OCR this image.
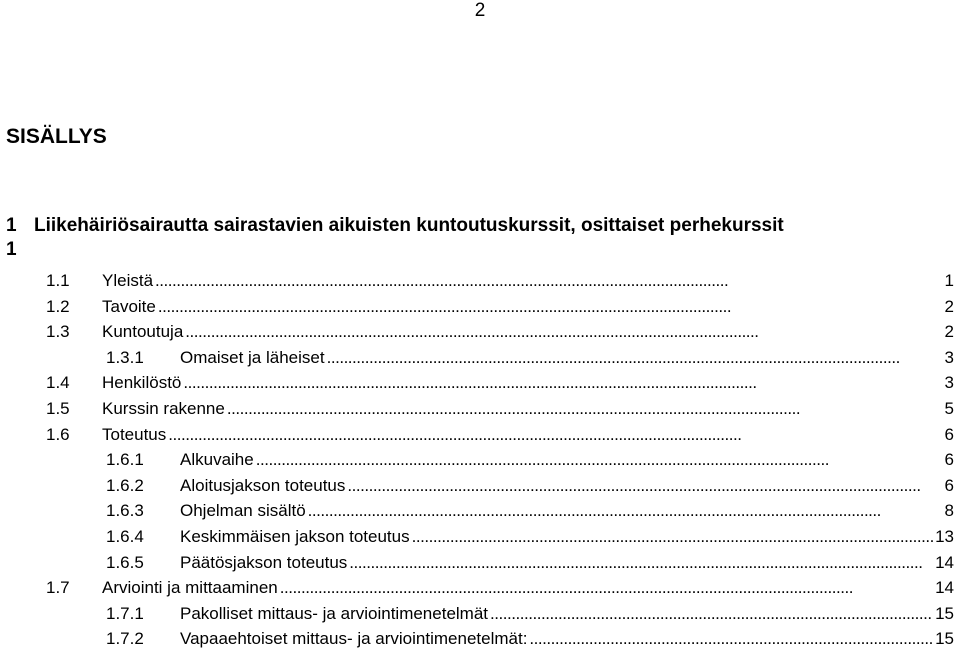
2
SISÄLLYS
1 Liikehäiriösairautta sairastavien aikuisten kuntoutuskurssit, osittaiset perhekurssit
1
1.1	Yleistä . . .	1
1.2	Tavoite . . .	2
1.3	Kuntoutuja . . .	2
1.3.1	Omaiset ja läheiset . . .	3
1.4	Henkilöstö . . .	3
1.5	Kurssin rakenne . . .	5
1.6	Toteutus . . .	6
1.6.1	Alkuvaihe . . .	6
1.6.2	Aloitusjakson toteutus . . .	6
1.6.3	Ohjelman sisältö . . .	8
1.6.4	Keskimmäisen jakson toteutus . . .	13
1.6.5	Päätösjakson toteutus . . .	14
1.7	Arviointi ja mittaaminen . . .	14
1.7.1	Pakolliset mittaus- ja arviointimenetelmät . . .	15
1.7.2	Vapaaehtoiset mittaus- ja arviointimenetelmät: . . .	15
